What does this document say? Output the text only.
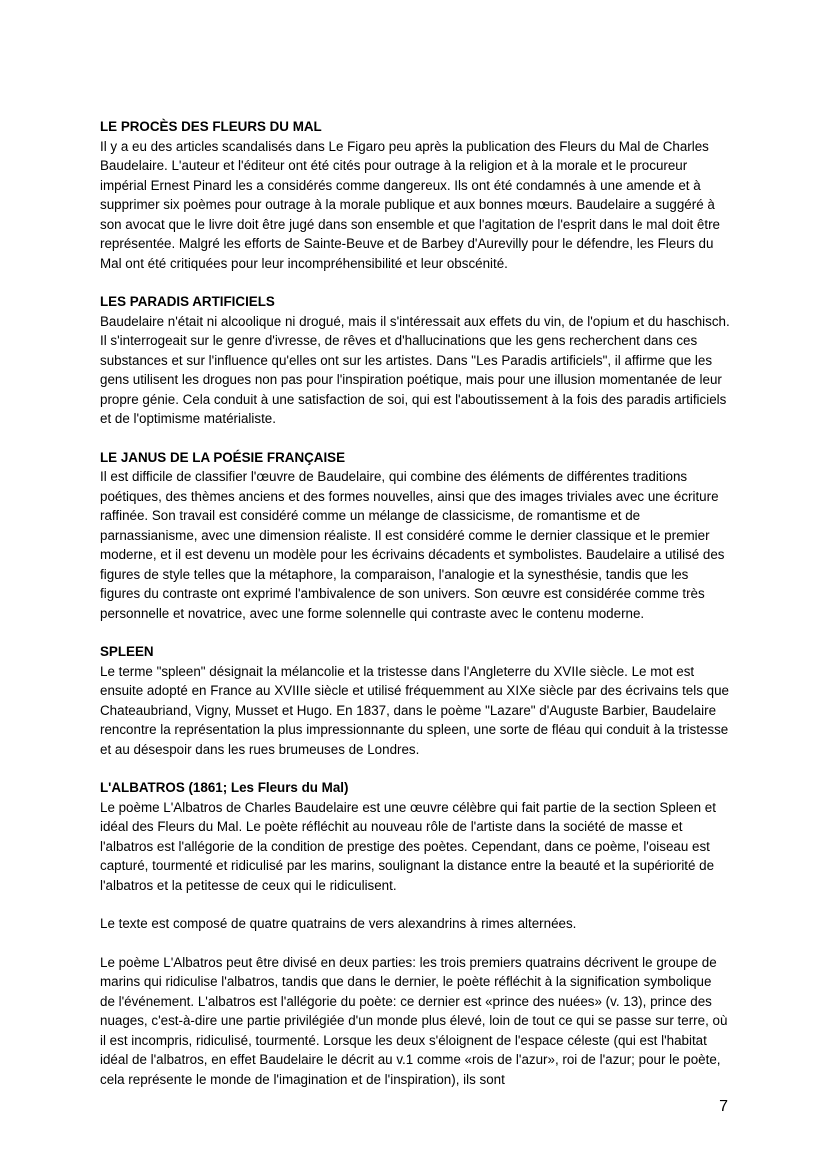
LE PROCÈS DES FLEURS DU MAL

Il y a eu des articles scandalisés dans Le Figaro peu après la publication des Fleurs du Mal de Charles Baudelaire. L'auteur et l'éditeur ont été cités pour outrage à la religion et à la morale et le procureur impérial Ernest Pinard les a considérés comme dangereux. Ils ont été condamnés à une amende et à supprimer six poèmes pour outrage à la morale publique et aux bonnes mœurs. Baudelaire a suggéré à son avocat que le livre doit être jugé dans son ensemble et que l'agitation de l'esprit dans le mal doit être représentée. Malgré les efforts de Sainte-Beuve et de Barbey d'Aurevilly pour le défendre, les Fleurs du Mal ont été critiquées pour leur incompréhensibilité et leur obscénité.

LES PARADIS ARTIFICIELS

Baudelaire n'était ni alcoolique ni drogué, mais il s'intéressait aux effets du vin, de l'opium et du haschisch. Il s'interrogeait sur le genre d'ivresse, de rêves et d'hallucinations que les gens recherchent dans ces substances et sur l'influence qu'elles ont sur les artistes. Dans "Les Paradis artificiels", il affirme que les gens utilisent les drogues non pas pour l'inspiration poétique, mais pour une illusion momentanée de leur propre génie. Cela conduit à une satisfaction de soi, qui est l'aboutissement à la fois des paradis artificiels et de l'optimisme matérialiste.

LE JANUS DE LA POÉSIE FRANÇAISE

Il est difficile de classifier l'œuvre de Baudelaire, qui combine des éléments de différentes traditions poétiques, des thèmes anciens et des formes nouvelles, ainsi que des images triviales avec une écriture raffinée. Son travail est considéré comme un mélange de classicisme, de romantisme et de parnassianisme, avec une dimension réaliste. Il est considéré comme le dernier classique et le premier moderne, et il est devenu un modèle pour les écrivains décadents et symbolistes. Baudelaire a utilisé des figures de style telles que la métaphore, la comparaison, l'analogie et la synesthésie, tandis que les figures du contraste ont exprimé l'ambivalence de son univers. Son œuvre est considérée comme très personnelle et novatrice, avec une forme solennelle qui contraste avec le contenu moderne.

SPLEEN

Le terme "spleen" désignait la mélancolie et la tristesse dans l'Angleterre du XVIIe siècle. Le mot est ensuite adopté en France au XVIIIe siècle et utilisé fréquemment au XIXe siècle par des écrivains tels que Chateaubriand, Vigny, Musset et Hugo. En 1837, dans le poème "Lazare" d'Auguste Barbier, Baudelaire rencontre la représentation la plus impressionnante du spleen, une sorte de fléau qui conduit à la tristesse et au désespoir dans les rues brumeuses de Londres.

L'ALBATROS (1861; Les Fleurs du Mal)

Le poème L'Albatros de Charles Baudelaire est une œuvre célèbre qui fait partie de la section Spleen et idéal des Fleurs du Mal. Le poète réfléchit au nouveau rôle de l'artiste dans la société de masse et l'albatros est l'allégorie de la condition de prestige des poètes. Cependant, dans ce poème, l'oiseau est capturé, tourmenté et ridiculisé par les marins, soulignant la distance entre la beauté et la supériorité de l'albatros et la petitesse de ceux qui le ridiculisent.

Le texte est composé de quatre quatrains de vers alexandrins à rimes alternées.

Le poème L'Albatros peut être divisé en deux parties: les trois premiers quatrains décrivent le groupe de marins qui ridiculise l'albatros, tandis que dans le dernier, le poète réfléchit à la signification symbolique de l'événement. L'albatros est l'allégorie du poète: ce dernier est «prince des nuées» (v. 13), prince des nuages, c'est-à-dire une partie privilégiée d'un monde plus élevé, loin de tout ce qui se passe sur terre, où il est incompris, ridiculisé, tourmenté. Lorsque les deux s'éloignent de l'espace céleste (qui est l'habitat idéal de l'albatros, en effet Baudelaire le décrit au v.1 comme «rois de l'azur», roi de l'azur; pour le poète, cela représente le monde de l'imagination et de l'inspiration), ils sont

7
